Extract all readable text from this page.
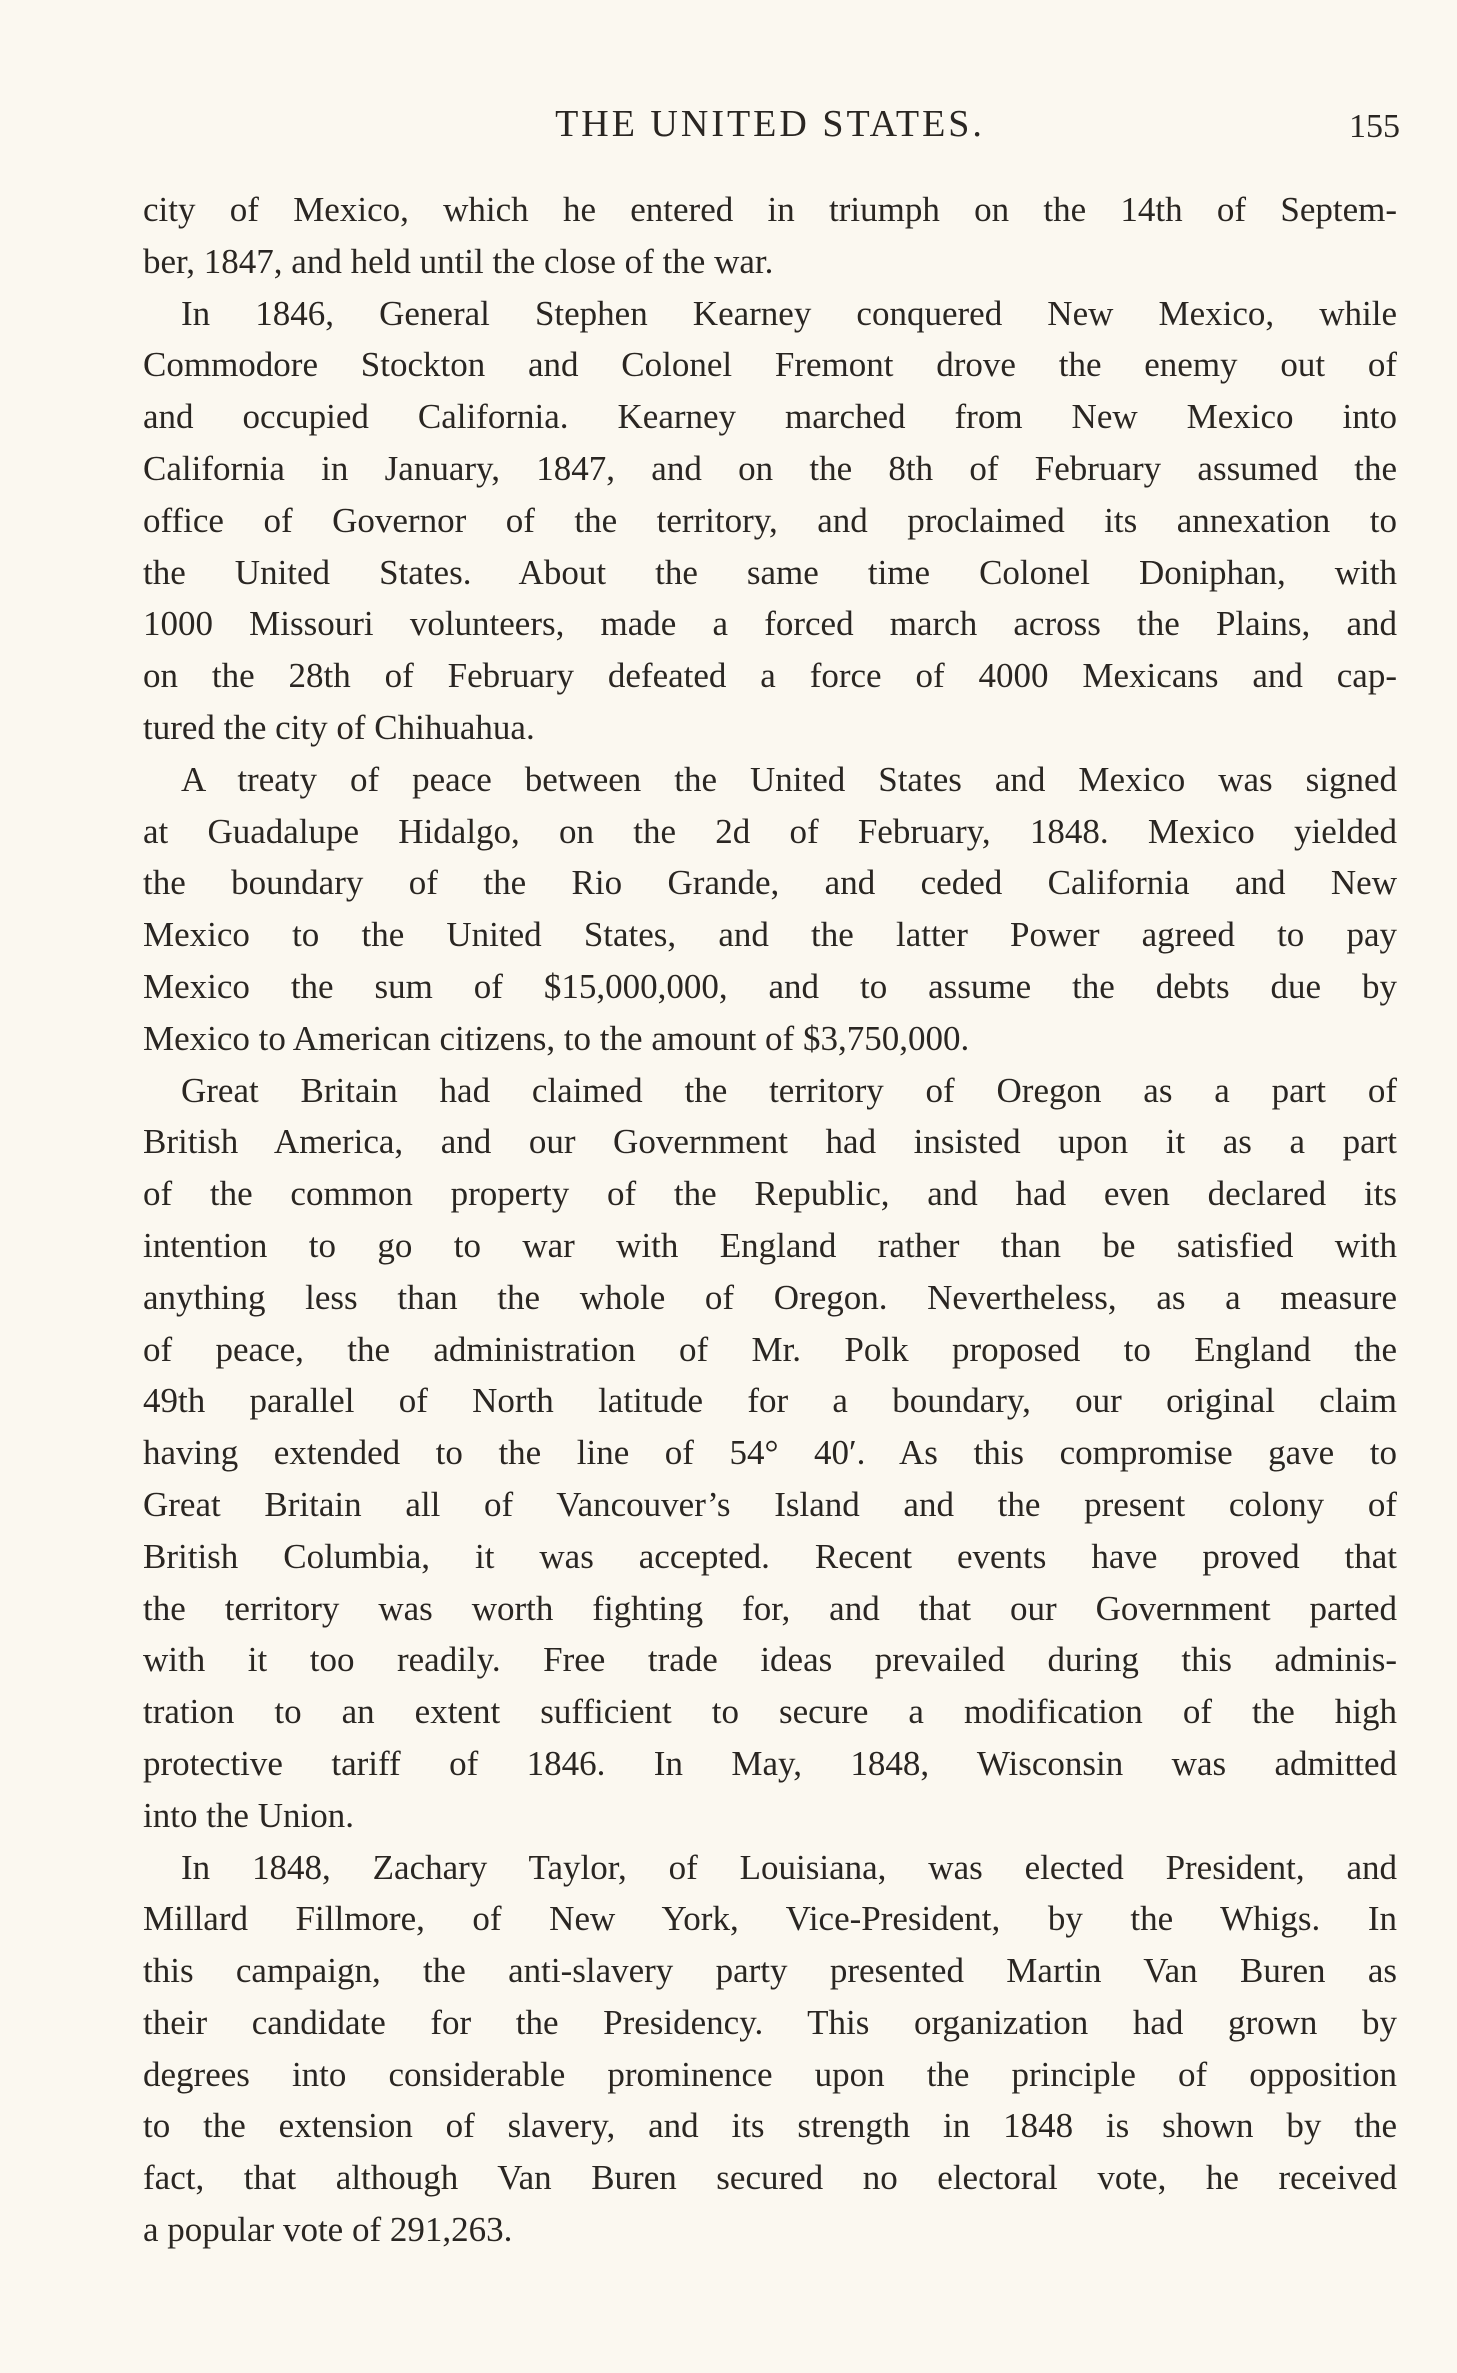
THE UNITED STATES.	155
city of Mexico, which he entered in triumph on the 14th of Septem-
ber, 1847, and held until the close of the war.
In 1846, General Stephen Kearney conquered New Mexico, while
Commodore Stockton and Colonel Fremont drove the enemy out of
and occupied California. Kearney marched from New Mexico into
California in January, 1847, and on the 8th of February assumed the
office of Governor of the territory, and proclaimed its annexation to
the United States. About the same time Colonel Doniphan, with
1000 Missouri volunteers, made a forced march across the Plains, and
on the 28th of February defeated a force of 4000 Mexicans and cap-
tured the city of Chihuahua.
A treaty of peace between the United States and Mexico was signed
at Guadalupe Hidalgo, on the 2d of February, 1848. Mexico yielded
the boundary of the Rio Grande, and ceded California and New
Mexico to the United States, and the latter Power agreed to pay
Mexico the sum of $15,000,000, and to assume the debts due by
Mexico to American citizens, to the amount of $3,750,000.
Great Britain had claimed the territory of Oregon as a part of
British America, and our Government had insisted upon it as a part
of the common property of the Republic, and had even declared its
intention to go to war with England rather than be satisfied with
anything less than the whole of Oregon. Nevertheless, as a measure
of peace, the administration of Mr. Polk proposed to England the
49th parallel of North latitude for a boundary, our original claim
having extended to the line of 54° 40′. As this compromise gave to
Great Britain all of Vancouver’s Island and the present colony of
British Columbia, it was accepted. Recent events have proved that
the territory was worth fighting for, and that our Government parted
with it too readily. Free trade ideas prevailed during this adminis-
tration to an extent sufficient to secure a modification of the high
protective tariff of 1846. In May, 1848, Wisconsin was admitted
into the Union.
In 1848, Zachary Taylor, of Louisiana, was elected President, and
Millard Fillmore, of New York, Vice-President, by the Whigs. In
this campaign, the anti-slavery party presented Martin Van Buren as
their candidate for the Presidency. This organization had grown by
degrees into considerable prominence upon the principle of opposition
to the extension of slavery, and its strength in 1848 is shown by the
fact, that although Van Buren secured no electoral vote, he received
a popular vote of 291,263.
